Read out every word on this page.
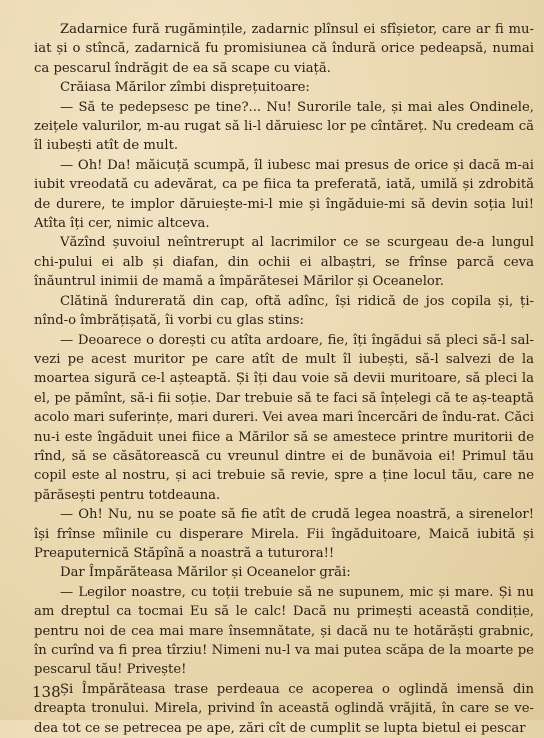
Zadarnice fură rugămințile, zadarnic plînsul ei sfîșietor, care ar fi mu-iat și o stîncă, zadarnică fu promisiunea că îndură orice pedeapsă, numai ca pescarul îndrăgit de ea să scape cu viață.

Crăiasa Mărilor zîmbi disprețuitoare:

— Să te pedepsesc pe tine?... Nu! Surorile tale, și mai ales Ondinele, zeițele valurilor, m-au rugat să li-l dăruiesc lor pe cîntăreț. Nu credeam că îl iubești atît de mult.

— Oh! Da! măicuță scumpă, îl iubesc mai presus de orice și dacă m-ai iubit vreodată cu adevărat, ca pe fiica ta preferată, iată, umilă și zdrobită de durere, te implor dăruiește-mi-l mie și îngăduie-mi să devin soția lui! Atîta îți cer, nimic altceva.

Văzînd șuvoiul neîntrerupt al lacrimilor ce se scurgeau de-a lungul chi-pului ei alb și diafan, din ochii ei albaștri, se frînse parcă ceva înăuntrul inimii de mamă a împărătesei Mărilor și Oceanelor.

Clătină îndurerată din cap, oftă adînc, își ridică de jos copila și, ți-nînd-o îmbrățișată, îi vorbi cu glas stins:

— Deoarece o dorești cu atîta ardoare, fie, îți îngădui să pleci să-l sal-vezi pe acest muritor pe care atît de mult îl iubești, să-l salvezi de la moartea sigură ce-l așteaptă. Și îți dau voie să devii muritoare, să pleci la el, pe pămînt, să-i fii soție. Dar trebuie să te faci să înțelegi că te aș-teaptă acolo mari suferințe, mari dureri. Vei avea mari încercări de îndu-rat. Căci nu-i este îngăduit unei fiice a Mărilor să se amestece printre muritorii de rînd, să se căsătorească cu vreunul dintre ei de bunăvoia ei! Primul tău copil este al nostru, și aci trebuie să revie, spre a ține locul tău, care ne părăsești pentru totdeauna.

— Oh! Nu, nu se poate să fie atît de crudă legea noastră, a sirenelor! își frînse mîinile cu disperare Mirela. Fii îngăduitoare, Maică iubită și Preaputernică Stăpînă a noastră a tuturora!!

Dar Împărăteasa Mărilor și Oceanelor grăi:

— Legilor noastre, cu toții trebuie să ne supunem, mic și mare. Și nu am dreptul ca tocmai Eu să le calc! Dacă nu primești această condiție, pentru noi de cea mai mare însemnătate, și dacă nu te hotărăști grabnic, în curînd va fi prea tîrziu! Nimeni nu-l va mai putea scăpa de la moarte pe pescarul tău! Privește!

Și Împărăteasa trase perdeaua ce acoperea o oglindă imensă din dreapta tronului. Mirela, privind în această oglindă vrăjită, în care se ve-dea tot ce se petrecea pe ape, zări cît de cumplit se lupta bietul ei pescar

138
